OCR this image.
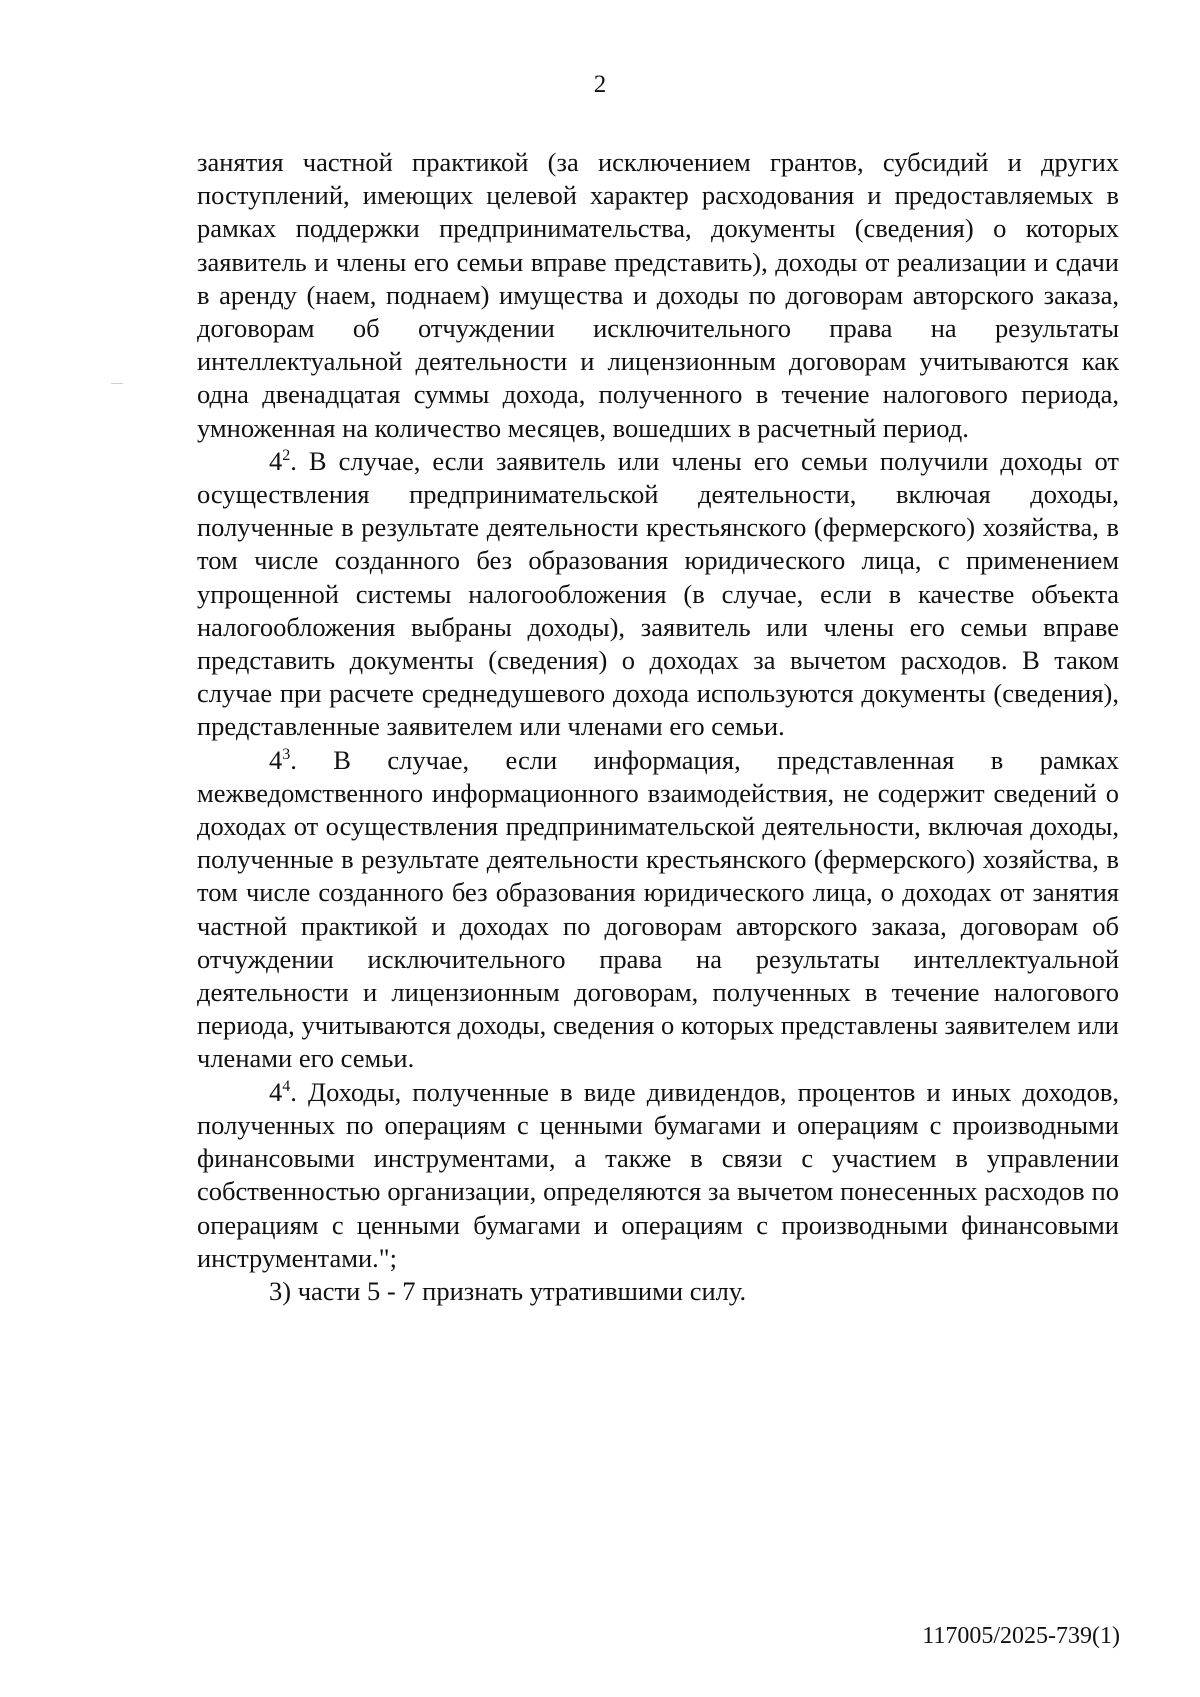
2

занятия частной практикой (за исключением грантов, субсидий и других поступлений, имеющих целевой характер расходования и предоставляемых в рамках поддержки предпринимательства, документы (сведения) о которых заявитель и члены его семьи вправе представить), доходы от реализации и сдачи в аренду (наем, поднаем) имущества и доходы по договорам авторского заказа, договорам об отчуждении исключительного права на результаты интеллектуальной деятельности и лицензионным договорам учитываются как одна двенадцатая суммы дохода, полученного в течение налогового периода, умноженная на количество месяцев, вошедших в расчетный период.

$4^2$. В случае, если заявитель или члены его семьи получили доходы от осуществления предпринимательской деятельности, включая доходы, полученные в результате деятельности крестьянского (фермерского) хозяйства, в том числе созданного без образования юридического лица, с применением упрощенной системы налогообложения (в случае, если в качестве объекта налогообложения выбраны доходы), заявитель или члены его семьи вправе представить документы (сведения) о доходах за вычетом расходов. В таком случае при расчете среднедушевого дохода используются документы (сведения), представленные заявителем или членами его семьи.

$4^3$. В случае, если информация, представленная в рамках межведомственного информационного взаимодействия, не содержит сведений о доходах от осуществления предпринимательской деятельности, включая доходы, полученные в результате деятельности крестьянского (фермерского) хозяйства, в том числе созданного без образования юридического лица, о доходах от занятия частной практикой и доходах по договорам авторского заказа, договорам об отчуждении исключительного права на результаты интеллектуальной деятельности и лицензионным договорам, полученных в течение налогового периода, учитываются доходы, сведения о которых представлены заявителем или членами его семьи.

$4^4$. Доходы, полученные в виде дивидендов, процентов и иных доходов, полученных по операциям с ценными бумагами и операциям с производными финансовыми инструментами, а также в связи с участием в управлении собственностью организации, определяются за вычетом понесенных расходов по операциям с ценными бумагами и операциям с производными финансовыми инструментами.";

3) части 5 - 7 признать утратившими силу.

117005/2025-739(1)
